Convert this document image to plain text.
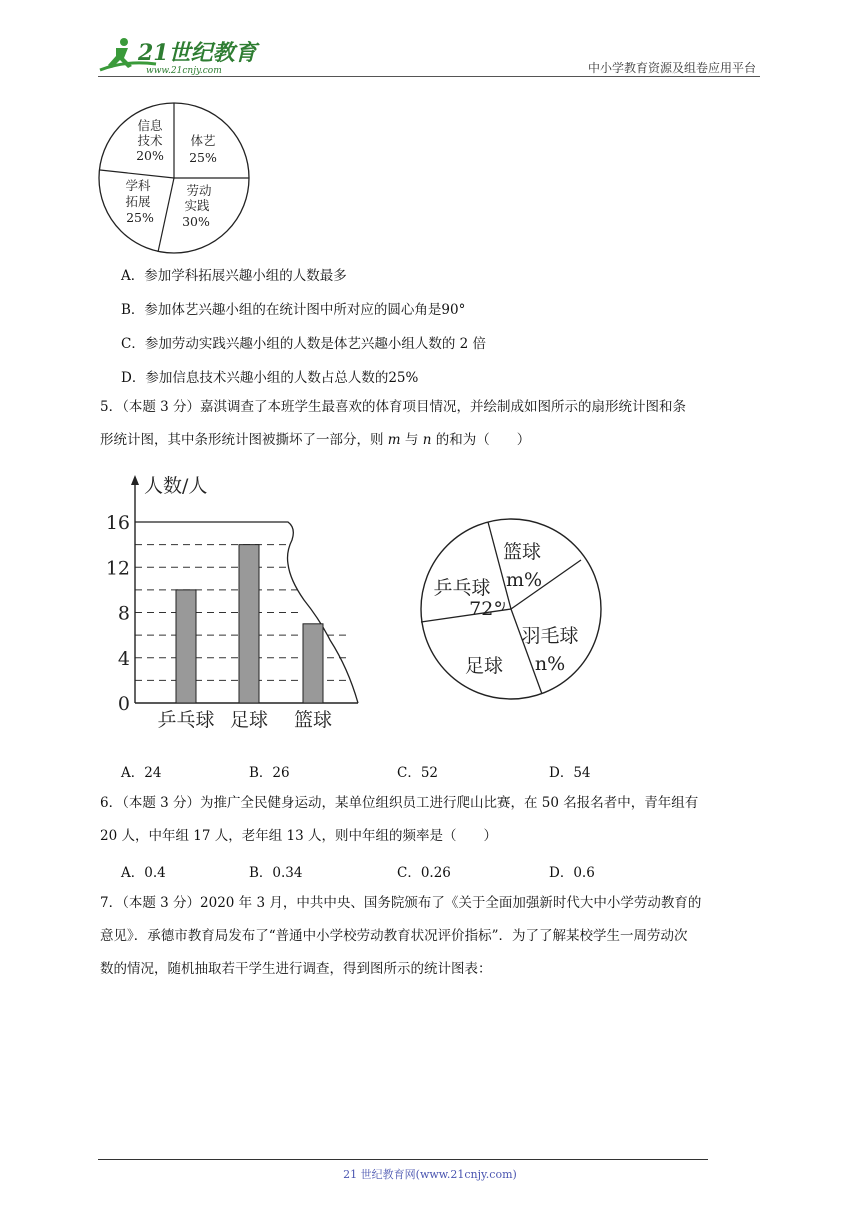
21世纪教育
www.21cnjy.com	中小学教育资源及组卷应用平台
信息
技术
20%
体艺
25%
劳动
实践
30%
学科
拓展
25%
A．参加学科拓展兴趣小组的人数最多
B．参加体艺兴趣小组的在统计图中所对应的圆心角是90°
C．参加劳动实践兴趣小组的人数是体艺兴趣小组人数的 2 倍
D．参加信息技术兴趣小组的人数占总人数的25%
5．（本题 3 分）嘉淇调查了本班学生最喜欢的体育项目情况，并绘制成如图所示的扇形统计图和条
形统计图，其中条形统计图被撕坏了一部分，则 m 与 n 的和为（　　）
人数/人
0
4
8
12
16
乒乓球 足球 篮球
篮球
m%
乒乓球
72°
羽毛球
n%
足球
A．24	B．26	C．52	D．54
6．（本题 3 分）为推广全民健身运动，某单位组织员工进行爬山比赛，在 50 名报名者中，青年组有
20 人，中年组 17 人，老年组 13 人，则中年组的频率是（　　）
A．0.4	B．0.34	C．0.26	D．0.6
7．（本题 3 分）2020 年 3 月，中共中央、国务院颁布了《关于全面加强新时代大中小学劳动教育的
意见》．承德市教育局发布了“普通中小学校劳动教育状况评价指标”．为了了解某校学生一周劳动次
数的情况，随机抽取若干学生进行调查，得到图所示的统计图表：
21 世纪教育网(www.21cnjy.com)
